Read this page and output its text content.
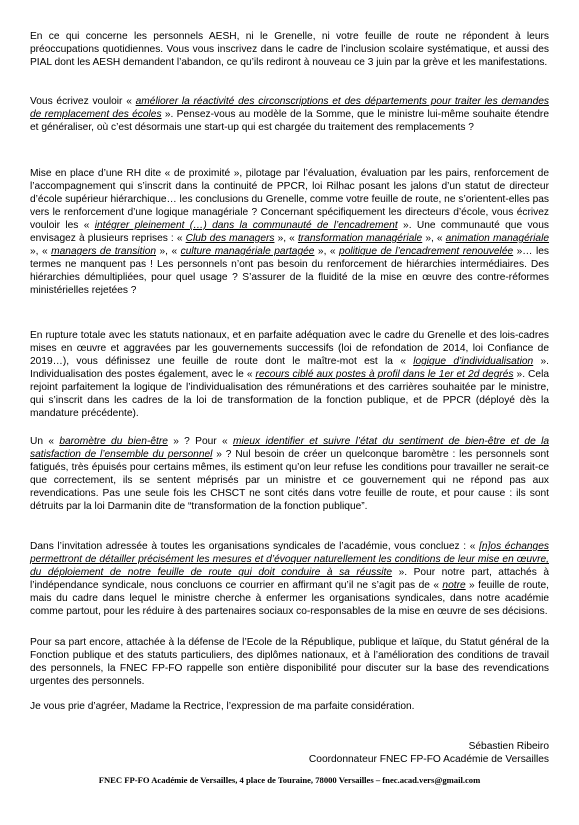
En ce qui concerne les personnels AESH, ni le Grenelle, ni votre feuille de route ne répondent à leurs préoccupations quotidiennes. Vous vous inscrivez dans le cadre de l’inclusion scolaire systématique, et aussi des PIAL dont les AESH demandent l’abandon, ce qu’ils rediront à nouveau ce 3 juin par la grève et les manifestations.

Vous écrivez vouloir « améliorer la réactivité des circonscriptions et des départements pour traiter les demandes de remplacement des écoles ». Pensez-vous au modèle de la Somme, que le ministre lui-même souhaite étendre et généraliser, où c’est désormais une start-up qui est chargée du traitement des remplacements ?

Mise en place d’une RH dite « de proximité », pilotage par l’évaluation, évaluation par les pairs, renforcement de l’accompagnement qui s’inscrit dans la continuité de PPCR, loi Rilhac posant les jalons d’un statut de directeur d’école supérieur hiérarchique… les conclusions du Grenelle, comme votre feuille de route, ne s’orientent-elles pas vers le renforcement d’une logique managériale ? Concernant spécifiquement les directeurs d’école, vous écrivez vouloir les « intégrer pleinement (…) dans la communauté de l’encadrement ». Une communauté que vous envisagez à plusieurs reprises : « Club des managers », « transformation managériale », « animation managériale », « managers de transition », « culture managériale partagée », « politique de l’encadrement renouvelée »… les termes ne manquent pas ! Les personnels n’ont pas besoin du renforcement de hiérarchies intermédiaires. Des hiérarchies démultipliées, pour quel usage ? S’assurer de la fluidité de la mise en œuvre des contre-réformes ministérielles rejetées ?

En rupture totale avec les statuts nationaux, et en parfaite adéquation avec le cadre du Grenelle et des lois-cadres mises en œuvre et aggravées par les gouvernements successifs (loi de refondation de 2014, loi Confiance de 2019…), vous définissez une feuille de route dont le maître-mot est la « logique d’individualisation ». Individualisation des postes également, avec le « recours ciblé aux postes à profil dans le 1er et 2d degrés ». Cela rejoint parfaitement la logique de l’individualisation des rémunérations et des carrières souhaitée par le ministre, qui s’inscrit dans les cadres de la loi de transformation de la fonction publique, et de PPCR (déployé dès la mandature précédente).

Un « baromètre du bien-être » ? Pour « mieux identifier et suivre l’état du sentiment de bien-être et de la satisfaction de l’ensemble du personnel » ? Nul besoin de créer un quelconque baromètre : les personnels sont fatigués, très épuisés pour certains mêmes, ils estiment qu’on leur refuse les conditions pour travailler ne serait-ce que correctement, ils se sentent méprisés par un ministre et ce gouvernement qui ne répond pas aux revendications. Pas une seule fois les CHSCT ne sont cités dans votre feuille de route, et pour cause : ils sont détruits par la loi Darmanin dite de “transformation de la fonction publique”.

Dans l’invitation adressée à toutes les organisations syndicales de l’académie, vous concluez : « [n]os échanges permettront de détailler précisément les mesures et d’évoquer naturellement les conditions de leur mise en œuvre, du déploiement de notre feuille de route qui doit conduire à sa réussite ». Pour notre part, attachés à l’indépendance syndicale, nous concluons ce courrier en affirmant qu’il ne s’agit pas de « notre » feuille de route, mais du cadre dans lequel le ministre cherche à enfermer les organisations syndicales, dans notre académie comme partout, pour les réduire à des partenaires sociaux co-responsables de la mise en œuvre de ses décisions.

Pour sa part encore, attachée à la défense de l’Ecole de la République, publique et laïque, du Statut général de la Fonction publique et des statuts particuliers, des diplômes nationaux, et à l’amélioration des conditions de travail des personnels, la FNEC FP-FO rappelle son entière disponibilité pour discuter sur la base des revendications urgentes des personnels.

Je vous prie d’agréer, Madame la Rectrice, l’expression de ma parfaite considération.

Sébastien Ribeiro
Coordonnateur FNEC FP-FO Académie de Versailles
FNEC FP-FO Académie de Versailles, 4 place de Touraine, 78000 Versailles – fnec.acad.vers@gmail.com
